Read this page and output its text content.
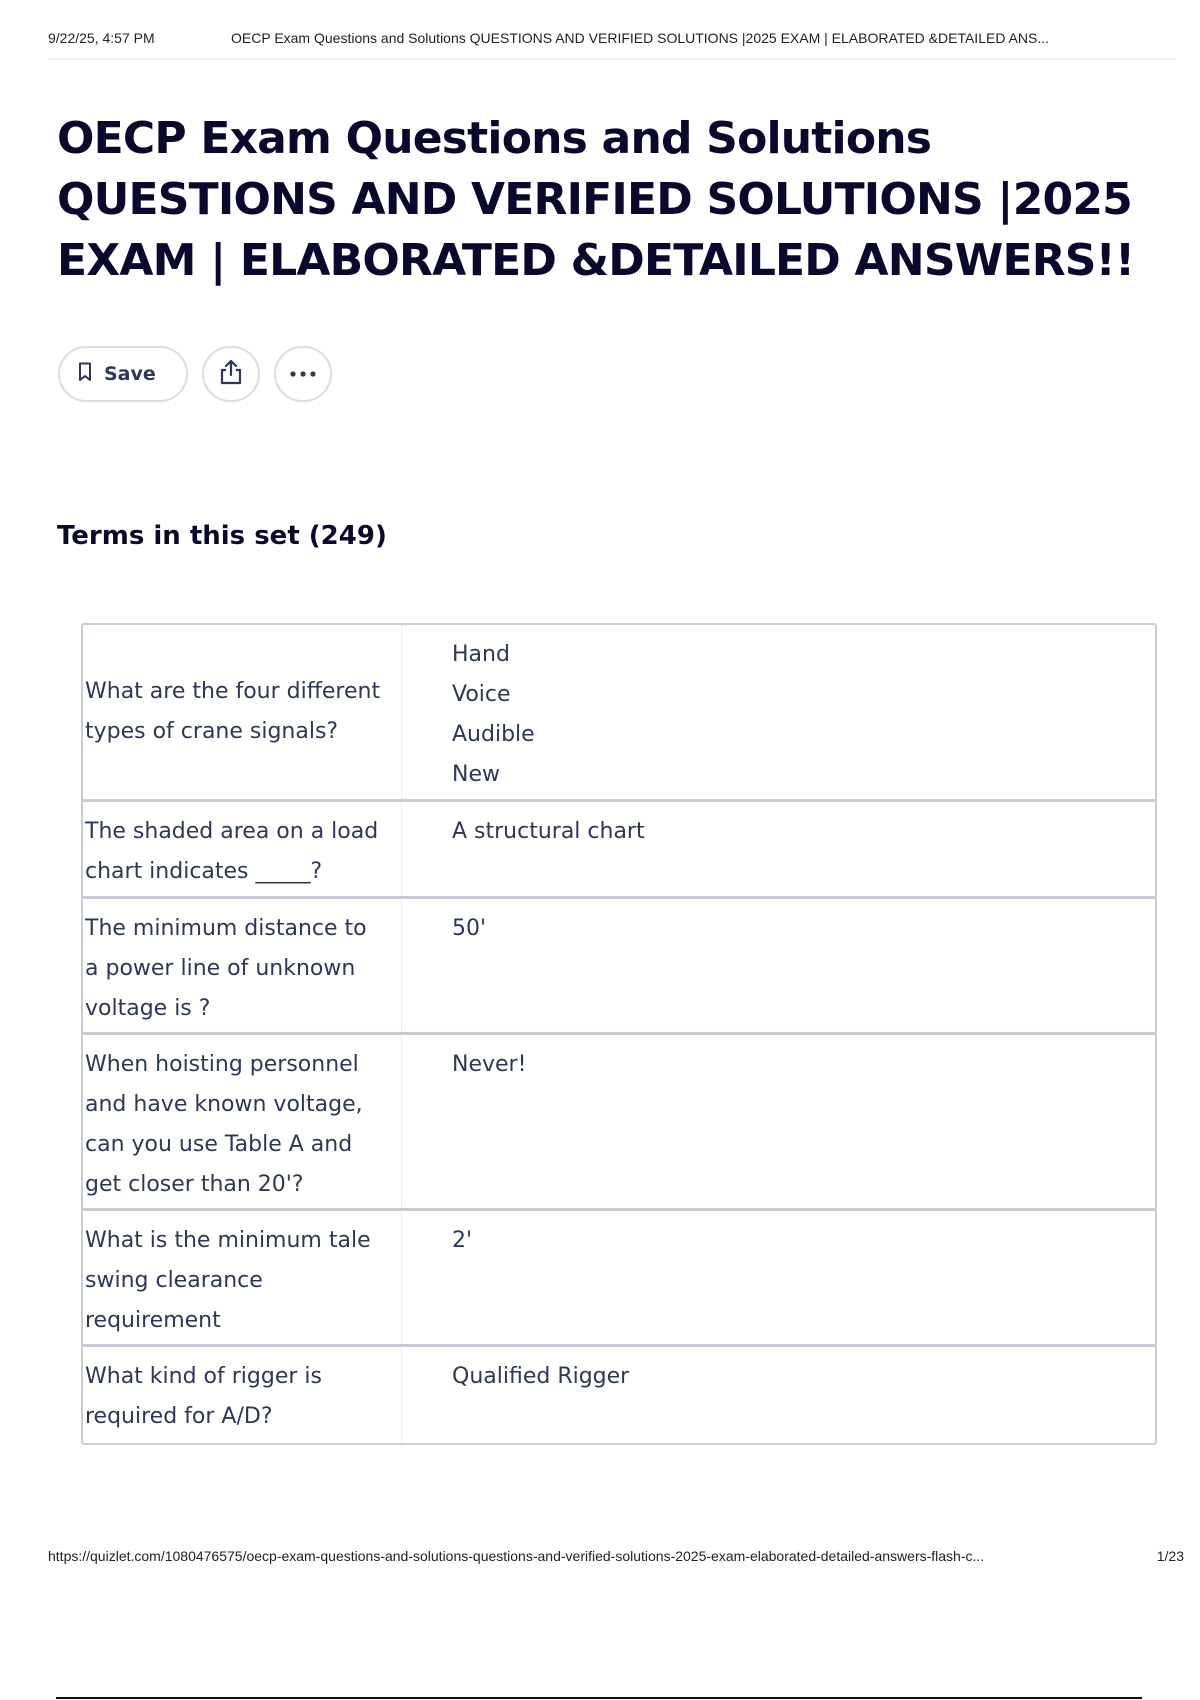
9/22/25, 4:57 PM	OECP Exam Questions and Solutions QUESTIONS AND VERIFIED SOLUTIONS |2025 EXAM | ELABORATED &DETAILED ANS...
OECP Exam Questions and Solutions QUESTIONS AND VERIFIED SOLUTIONS |2025 EXAM | ELABORATED &DETAILED ANSWERS!!
Save
Terms in this set (249)
What are the four different types of crane signals?
Hand
Voice
Audible
New
The shaded area on a load chart indicates _____?
A structural chart
The minimum distance to a power line of unknown voltage is ?
50'
When hoisting personnel and have known voltage, can you use Table A and get closer than 20'?
Never!
What is the minimum tale swing clearance requirement
2'
What kind of rigger is required for A/D?
Qualified Rigger
https://quizlet.com/1080476575/oecp-exam-questions-and-solutions-questions-and-verified-solutions-2025-exam-elaborated-detailed-answers-flash-c...	1/23
